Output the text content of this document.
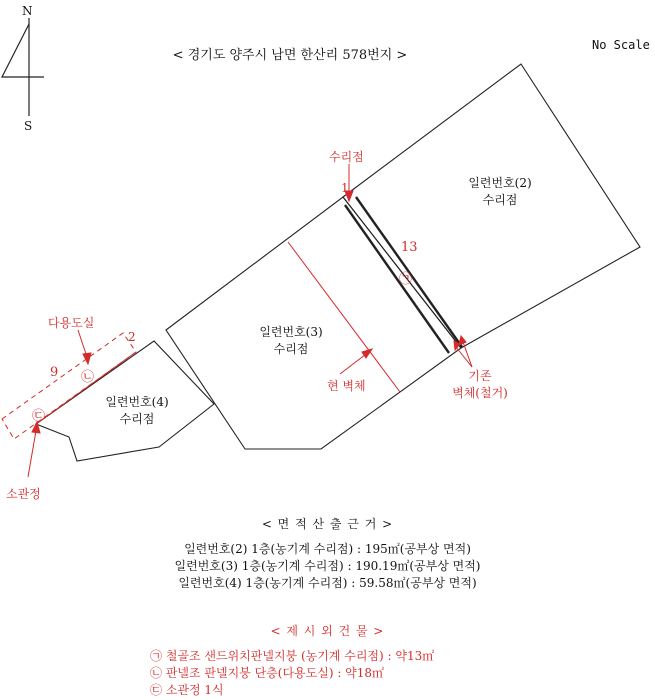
N
S
< 경기도 양주시 남면 한산리 578번지 >
No Scale
수리점
1
13
㉠
일련번호(2)
수리점
일련번호(3)
수리점
일련번호(4)
수리점
현 벽체
기존
벽체(철거)
다용도실
2
9 ㉡
㉢
소관정
< 면 적 산 출 근 거 >
일련번호(2) 1층(농기계 수리점) : 195㎡(공부상 면적)
일련번호(3) 1층(농기계 수리점) : 190.19㎡(공부상 면적)
일련번호(4) 1층(농기계 수리점) : 59.58㎡(공부상 면적)
< 제 시 외 건 물 >
㉠ 철골조 샌드위치판넬지붕 (농기계 수리점) : 약13㎡
㉡ 판넬조 판넬지붕 단층(다용도실) : 약18㎡
㉢ 소관정 1식
